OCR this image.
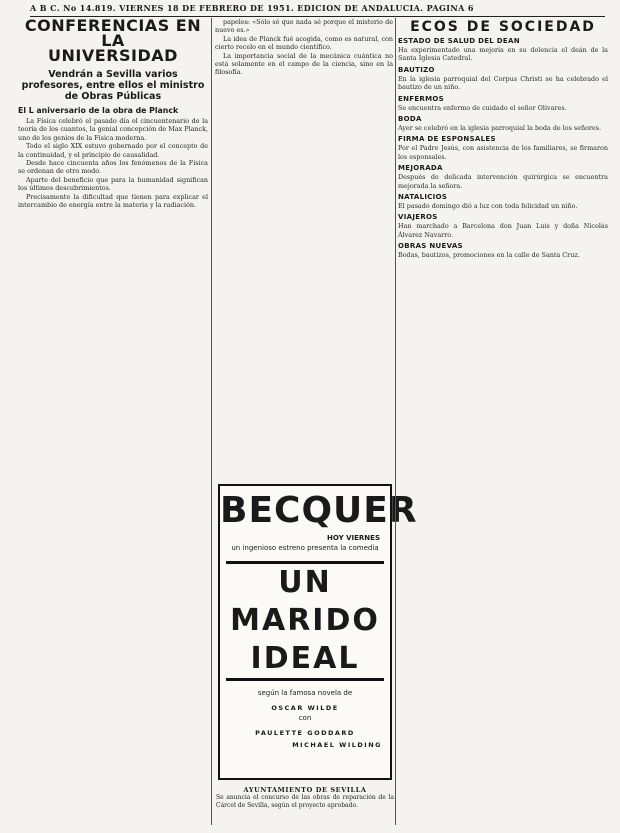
A B C. No 14.819. VIERNES 18 DE FEBRERO DE 1951. EDICION DE ANDALUCIA. PAGINA 6
CONFERENCIAS EN LA
UNIVERSIDAD
Vendrán a Sevilla varios profesores, entre ellos el ministro de Obras Públicas
El L aniversario de la obra de Planck

La Física celebró el pasado día el cincuentenario de la teoría de los cuantos, la genial concepción de Max Planck, uno de los genios de la Física moderna.

Todo el siglo XIX estuvo gobernado por el concepto de la continuidad, y el principio de causalidad.

Desde hace cincuenta años los fenómenos de la Física se ordenan de otro modo.

Aparte del beneficio que para la humanidad significan los últimos descubrimientos.

Precisamente la dificultad que tienen para explicar el intercambio de energía entre la materia y la radiación.

papeles: «Sólo sé que nada sé porque el misterio de nuevo es.»

La idea de Planck fué acogida, como es natural, con cierto recelo en el mundo científico.

La importancia social de la mecánica cuántica no está solamente en el campo de la ciencia, sino en la filosofía.

BECQUER
HOY VIERNES
un ingenioso estreno presenta la comedia
UN MARIDO IDEAL
según la famosa novela de
OSCAR WILDE
con
PAULETTE GODDARD
MICHAEL WILDING
AYUNTAMIENTO DE SEVILLA
Se anuncia el concurso de las obras de reparación de la Cárcel de Sevilla, según el proyecto aprobado.
ECOS DE SOCIEDAD
ESTADO DE SALUD DEL DEAN

Ha experimentado una mejoría en su dolencia el deán de la Santa Iglesia Catedral.

BAUTIZO

En la iglesia parroquial del Corpus Christi se ha celebrado el bautizo de un niño.

ENFERMOS

Se encuentra enfermo de cuidado el señor Olivares.

BODA

Ayer se celebró en la iglesia parroquial la boda de los señores.

FIRMA DE ESPONSALES

Por el Padre Jesús, con asistencia de los familiares, se firmaron los esponsales.

MEJORADA

Después de delicada intervención quirúrgica se encuentra mejorada la señora.

NATALICIOS

El pasado domingo dió a luz con toda felicidad un niño.

VIAJEROS

Han marchado a Barcelona don Juan Luis y doña Nicolás Álvarez Navarro.

OBRAS NUEVAS

Bodas, bautizos, promociones en la calle de Santa Cruz.
